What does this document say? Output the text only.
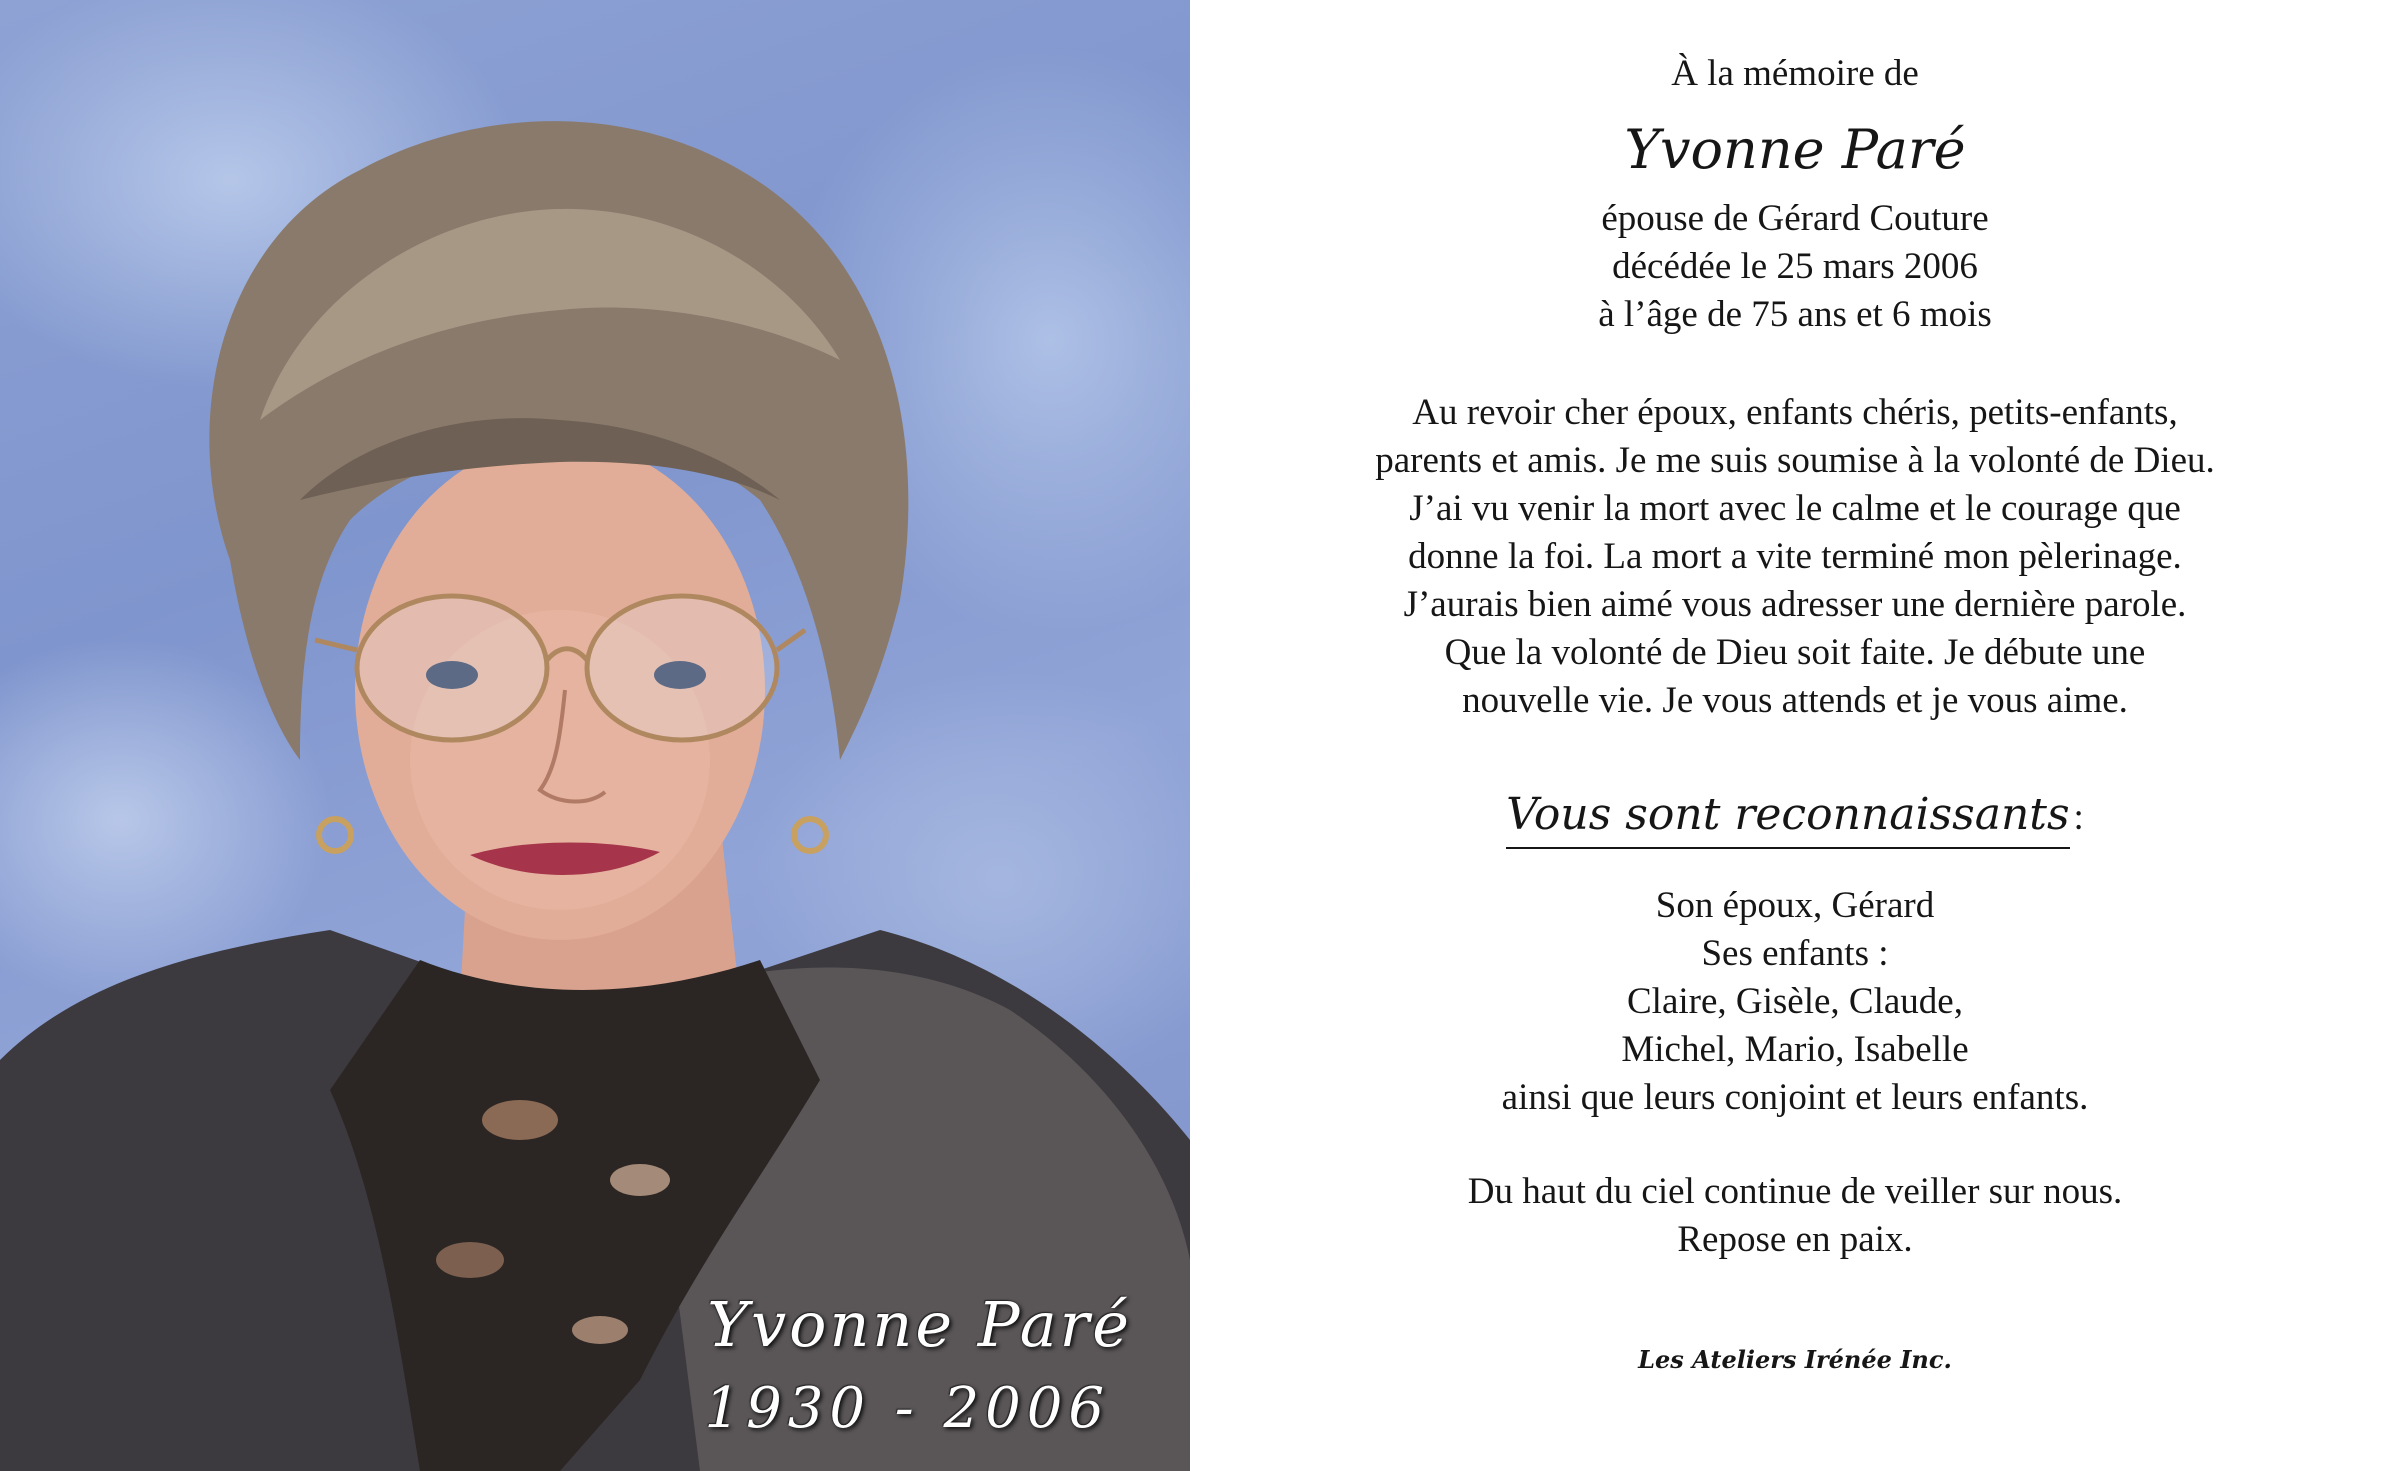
Yvonne Paré
1930 - 2006
À la mémoire de
Yvonne Paré
épouse de Gérard Couture
décédée le 25 mars 2006
à l’âge de 75 ans et 6 mois
Au revoir cher époux, enfants chéris, petits-enfants,
parents et amis. Je me suis soumise à la volonté de Dieu.
J’ai vu venir la mort avec le calme et le courage que
donne la foi. La mort a vite terminé mon pèlerinage.
J’aurais bien aimé vous adresser une dernière parole.
Que la volonté de Dieu soit faite. Je débute une
nouvelle vie. Je vous attends et je vous aime.
Vous sont reconnaissants :
Son époux, Gérard
Ses enfants :
Claire, Gisèle, Claude,
Michel, Mario, Isabelle
ainsi que leurs conjoint et leurs enfants.
Du haut du ciel continue de veiller sur nous.
Repose en paix.
Les Ateliers Irénée Inc.
